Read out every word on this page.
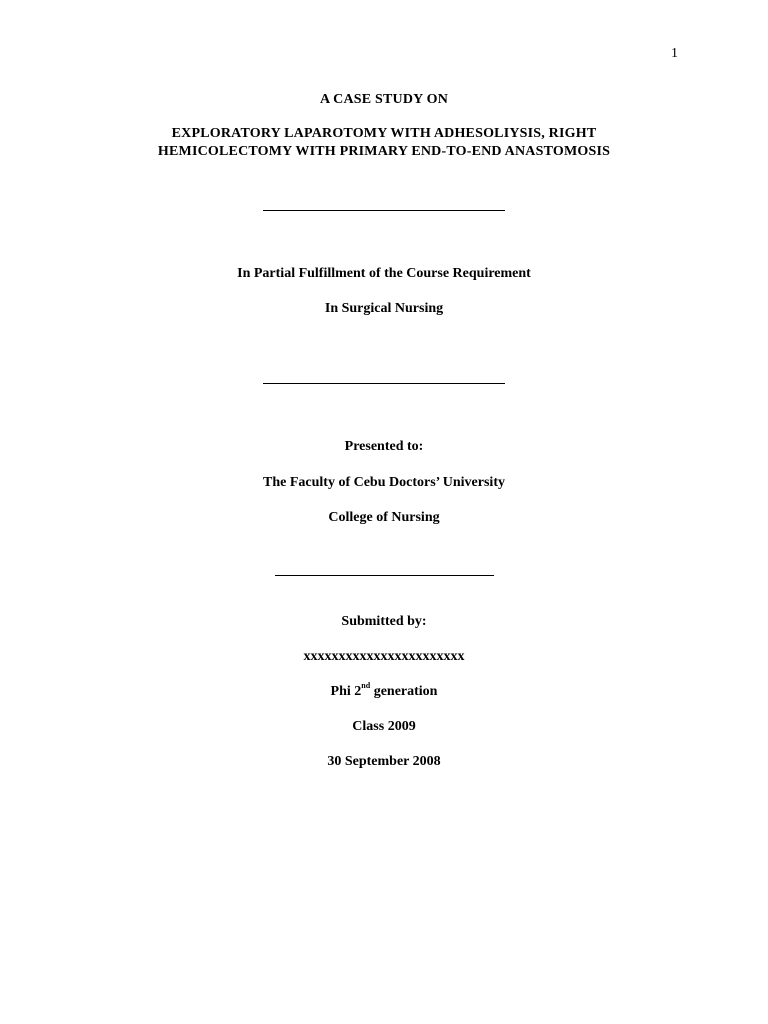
1
A CASE STUDY ON
EXPLORATORY LAPAROTOMY WITH ADHESOLIYSIS, RIGHT
HEMICOLECTOMY WITH PRIMARY END-TO-END ANASTOMOSIS
In Partial Fulfillment of the Course Requirement
In Surgical Nursing
Presented to:
The Faculty of Cebu Doctors’ University
College of Nursing
Submitted by:
xxxxxxxxxxxxxxxxxxxxxxx
Phi 2nd generation
Class 2009
30 September 2008
